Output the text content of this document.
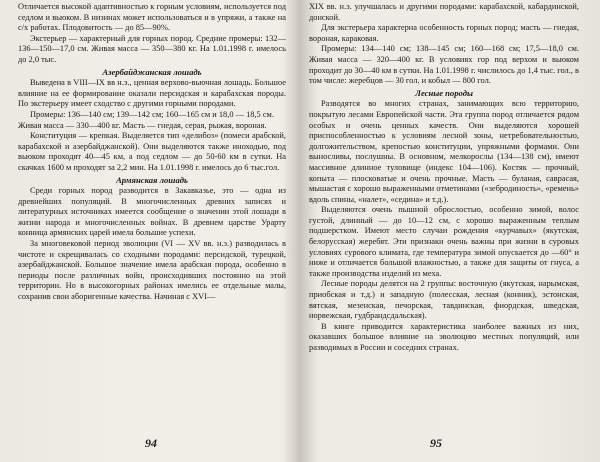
Отличается высокой адаптивностью к горным условиям, используется под седлом и вьюком. В низинах может использоваться и в упряжи, а также на с/х работах. Плодовитость — до 85—90%.

Экстерьер — характерный для горных пород. Средние промеры: 132—136—150—17,0 см. Живая масса — 350—380 кг. На 1.01.1998 г. имелось до 2,0 тыс.

Азербайджанская лошадь

Выведена в VIII—IX вв н.э., ценная верхово-вьючная лошадь. Большое влияние на ее формирование оказали персидская и карабахская породы. По экстерьеру имеет сходство с другими горными породами.

Промеры: 136—140 см; 139—142 см; 160—165 см и 18,0 — 18,5 см.

Живая масса — 330—400 кг. Масть — гнедая, серая, рыжая, вороная.

Конституция — крепкая. Выделяется тип «делибоз» (помеси арабской, карабахской и азербайджанской). Они выделяются также иноходью, под вьюком проходят 40—45 км, а под седлом — до 50-60 км в сутки. На скачках 1600 м проходят за 2,2 мин. На 1.01.1998 г. имелось до 6 тыс.гол.

Армянская лошадь

Среди горных пород разводится в Закавказье, это — одна из древнейших популяций. В многочисленных древних записях и литературных источниках имеется сообщение о значении этой лошади в жизни народа и многочисленных войнах. В древнем царстве Урарту конница армянских царей имела большие успехи.

За многовековой период эволюции (VI — XV вв. н.э.) разводилась в чистоте и скрещивалась со сходными породами: персидской, турецкой, азербайджанской. Большое значение имела арабская порода, особенно в периоды после различных войн, происходивших постоянно на этой территории. Но в высокогорных районах имелись ее отдельные малы, сохранив свои аборигенные качества. Начиная с XVI—

94

XIX вв. н.э. улучшалась и другими породами: карабахской, кабардинской, донской.

Для экстерьера характерна особенность горных пород; масть — гнедая, вороная, караковая.

Промеры: 134—140 см; 138—145 см; 160—168 см; 17,5—18,0 см. Живая масса — 320—400 кг. В условиях гор под верхом и вьюком проходит до 30—40 км в сутки. На 1.01.1998 г. числилось до 1,4 тыс. гол., в том числе: жеребцов — 30 гол. и кобыл — 800 гол.

Лесные породы

Разводятся во многих странах, занимающих всю территорию, покрытую лесами Европейской части. Эта группа пород отличается рядом особых и очень ценных качеств. Они выделяются хорошей приспособленностью к условиям лесной зоны, нетребовательностью, долгожительством, крепостью конституции, упряжными формами. Они выносливы, послушны. В основном, мелкорослы (134—138 см), имеют массивное длинное туловище (индекс 104—106). Костяк — прочный, копыта — плосковатые и очень прочные. Масть — буланая, саврасая, мышастая с хорошо выраженными отметинами («зебродиность», «ремень» вдоль спины, «налет», «седина» и т.д.).

Выделяются очень пышной оброслостью, особенно зимой, волос густой, длинный — до 10—12 см, с хорошо выраженным теплым подшерстком. Имеют место случаи рождения «курчавых» (якутская, белорусская) жеребят. Эти признаки очень важны при жизни в суровых условиях сурового климата, где температура зимой опускается до —60° и ниже и отличается большой влажностью, а также для защиты от гнуса, а также производства изделий из меха.

Лесные породы делятся на 2 группы: восточную (якутская, нарымская, приобская и т.д.) и западную (полесская, лесная (конник), эстонская, вятская, мезенская, печорская, тавдинская, фиордская, шведская, норвежская, гудбрандсдальская).

В книге приводится характеристика наиболее важных из них, оказавших большое влияние на эволюцию местных популяций, или разводимых в России и соседних странах.

95
